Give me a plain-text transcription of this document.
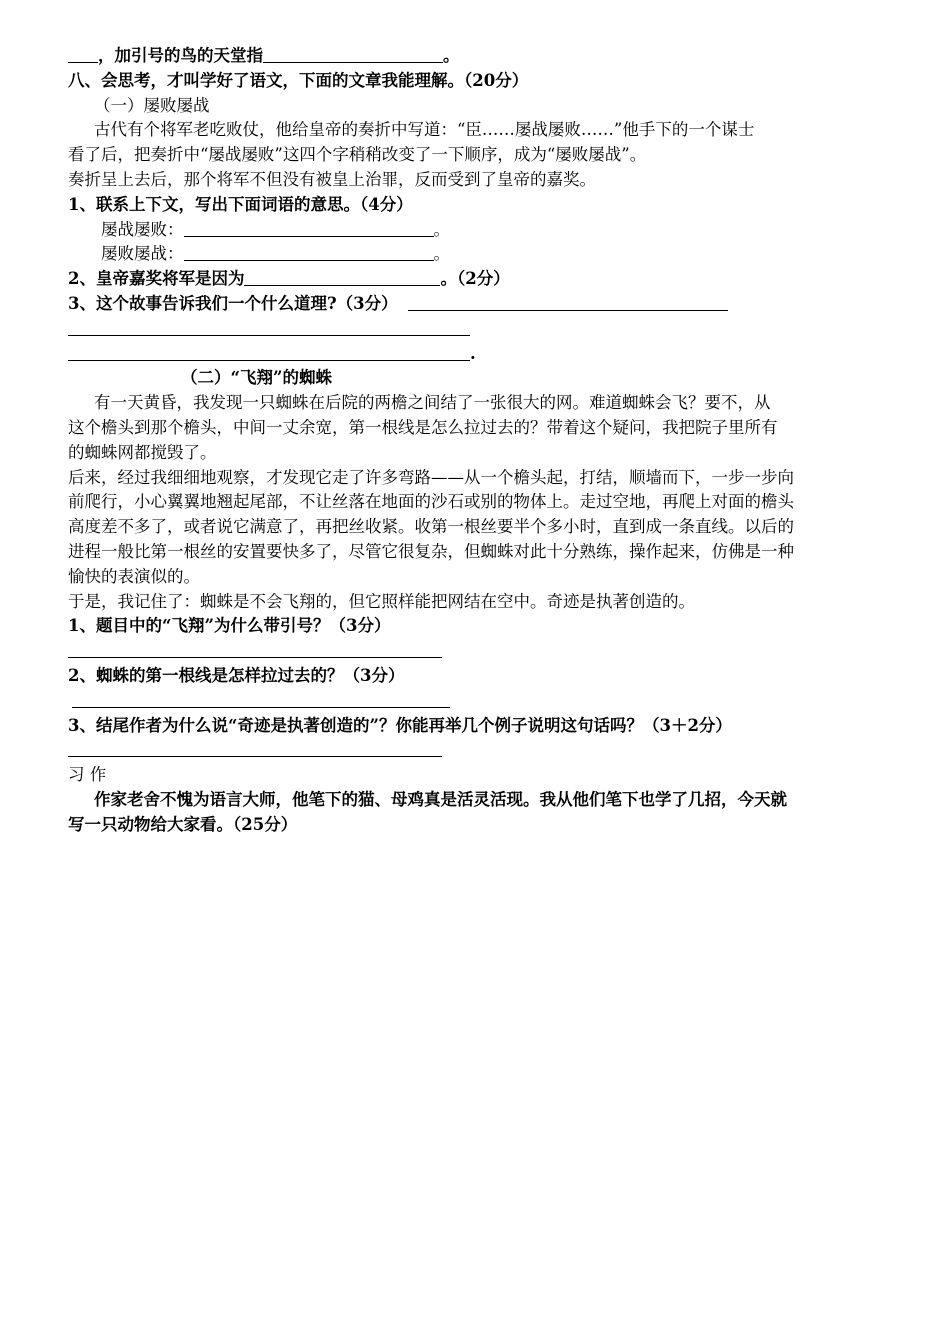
，加引号的鸟的天堂指	。
八、会思考，才叫学好了语文，下面的文章我能理解。（20分）
（一）屡败屡战
古代有个将军老吃败仗，他给皇帝的奏折中写道：“臣……屡战屡败……”他手下的一个谋士
看了后，把奏折中“屡战屡败”这四个字稍稍改变了一下顺序，成为“屡败屡战”。
奏折呈上去后，那个将军不但没有被皇上治罪，反而受到了皇帝的嘉奖。
1、联系上下文，写出下面词语的意思。（4分）
屡战屡败：	。
屡败屡战：	。
2、皇帝嘉奖将军是因为	。（2分）
3、这个故事告诉我们一个什么道理?（3分）
.
（二）“飞翔”的蜘蛛
有一天黄昏，我发现一只蜘蛛在后院的两檐之间结了一张很大的网。难道蜘蛛会飞？要不，从
这个檐头到那个檐头，中间一丈余宽，第一根线是怎么拉过去的？带着这个疑问，我把院子里所有
的蜘蛛网都搅毁了。
后来，经过我细细地观察，才发现它走了许多弯路——从一个檐头起，打结，顺墙而下，一步一步向
前爬行，小心翼翼地翘起尾部，不让丝落在地面的沙石或别的物体上。走过空地，再爬上对面的檐头
高度差不多了，或者说它满意了，再把丝收紧。收第一根丝要半个多小时，直到成一条直线。以后的
进程一般比第一根丝的安置要快多了，尽管它很复杂，但蜘蛛对此十分熟练，操作起来，仿佛是一种
愉快的表演似的。
于是，我记住了：蜘蛛是不会飞翔的，但它照样能把网结在空中。奇迹是执著创造的。
1、题目中的“飞翔”为什么带引号？（3分）
2、蜘蛛的第一根线是怎样拉过去的？（3分）
3、结尾作者为什么说“奇迹是执著创造的”？你能再举几个例子说明这句话吗？（3＋2分）
习 作
作家老舍不愧为语言大师，他笔下的猫、母鸡真是活灵活现。我从他们笔下也学了几招，今天就
写一只动物给大家看。（25分）
